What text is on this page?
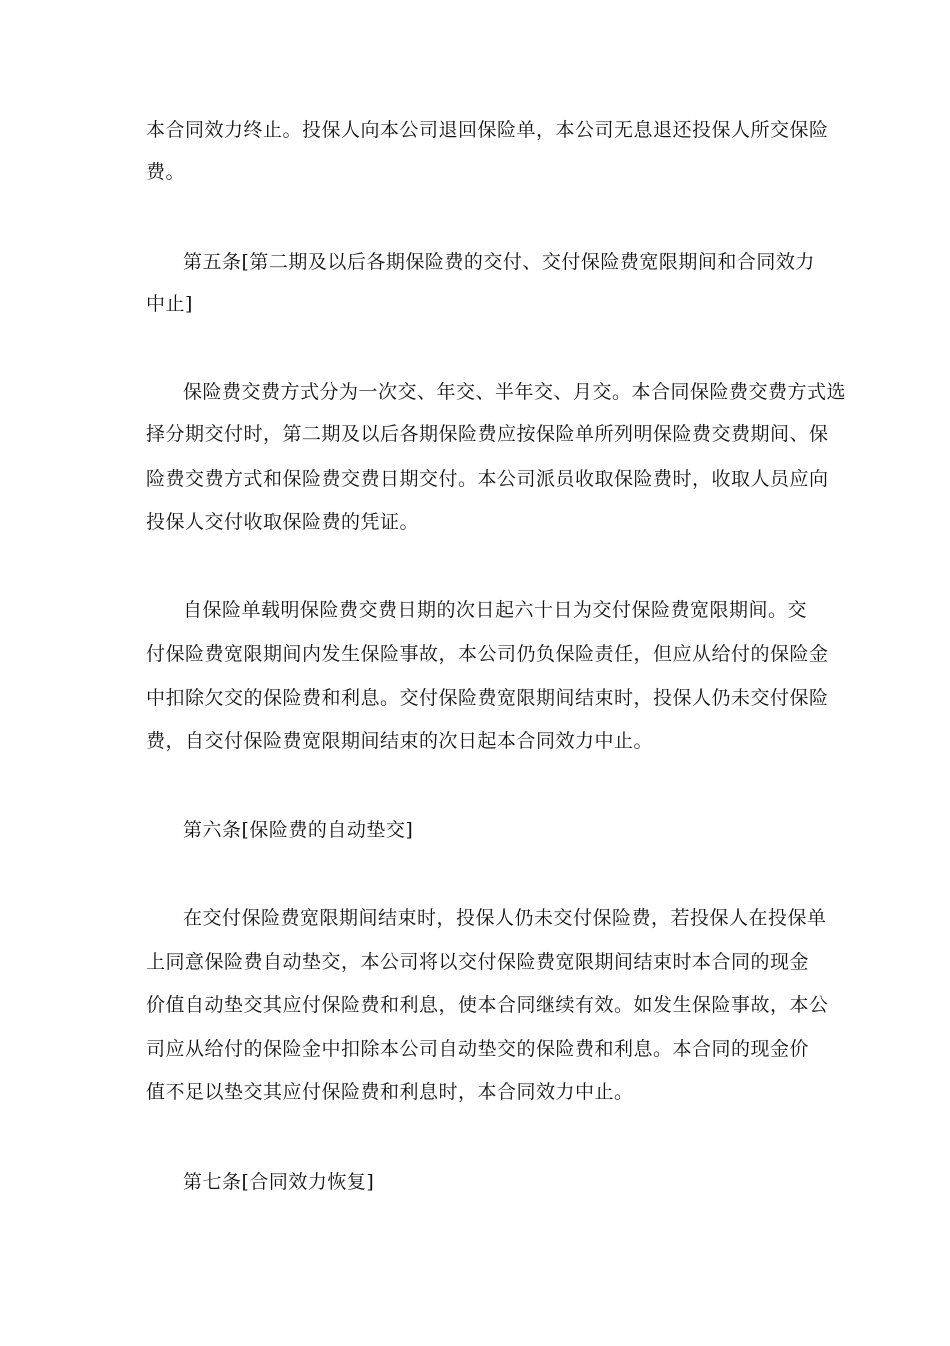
本合同效力终止。投保人向本公司退回保险单，本公司无息退还投保人所交保险
费。
第五条[第二期及以后各期保险费的交付、交付保险费宽限期间和合同效力
中止]
保险费交费方式分为一次交、年交、半年交、月交。本合同保险费交费方式选
择分期交付时，第二期及以后各期保险费应按保险单所列明保险费交费期间、保
险费交费方式和保险费交费日期交付。本公司派员收取保险费时，收取人员应向
投保人交付收取保险费的凭证。
自保险单载明保险费交费日期的次日起六十日为交付保险费宽限期间。交
付保险费宽限期间内发生保险事故，本公司仍负保险责任，但应从给付的保险金
中扣除欠交的保险费和利息。交付保险费宽限期间结束时，投保人仍未交付保险
费，自交付保险费宽限期间结束的次日起本合同效力中止。
第六条[保险费的自动垫交]
在交付保险费宽限期间结束时，投保人仍未交付保险费，若投保人在投保单
上同意保险费自动垫交，本公司将以交付保险费宽限期间结束时本合同的现金
价值自动垫交其应付保险费和利息，使本合同继续有效。如发生保险事故，本公
司应从给付的保险金中扣除本公司自动垫交的保险费和利息。本合同的现金价
值不足以垫交其应付保险费和利息时，本合同效力中止。
第七条[合同效力恢复]
